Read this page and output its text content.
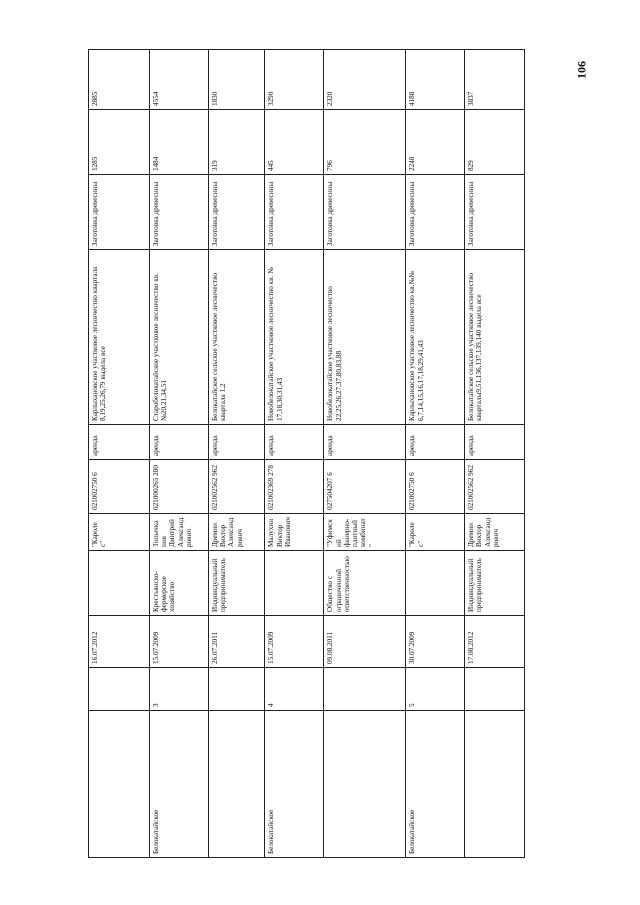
106
		16.07.2012		"Кароле с"	021002750 6	аренда	Карлыхановское участковое лесничество квартала 8,19,25,26,79 выдела все	Заготовка древесины	1285	2885
Белокатайское	3	15.07.2009	Крестьянско-фермерское хозяйство	Топычканов Дмитрий Александрович	021000265 280	аренда	Старобелокатайское участковое лесничество кв.№20,21,34,51	Заготовка древесины	1484	4554
		26.07.2011	Индивидуальный предприниматель	Дремин Виктор Александрович	021002562 962	аренда	Белокатайское сельское участковое лесничество квартала 1,2	Заготовка древесины	319	1830
Белокатайское	4	15.07.2009		Малухин Виктор Иванович	021002369 278	аренда	Новобелокатайское участковое лесничество кв. № 17,18,30,31,43	Заготовка древесины	445	3290
		09.08.2011	Общество с ограниченной ответственностью	"Уфимский фанерно-плитный комбинат"	027504207 6	аренда	Новобелокатайское участковое лесничество 22,25,26,27,37,80,83,88	Заготовка древесины	796	2320
Белокатайское	5	30.07.2009		"Кароле с"	021002750 6	аренда	Карлыхановское участковое лесничество кв.№№ 6,7,14,15,16,17,18,29,41,43	Заготовка древесины	2248	4188
		17.08.2012	Индивидуальный предприниматель	Дремин Виктор Александрович	021002562 962	аренда	Белокатайское сельское участковое лесничество кварталы9,51,136,137,139,140 выдела все	Заготовка древесины	829	3837
